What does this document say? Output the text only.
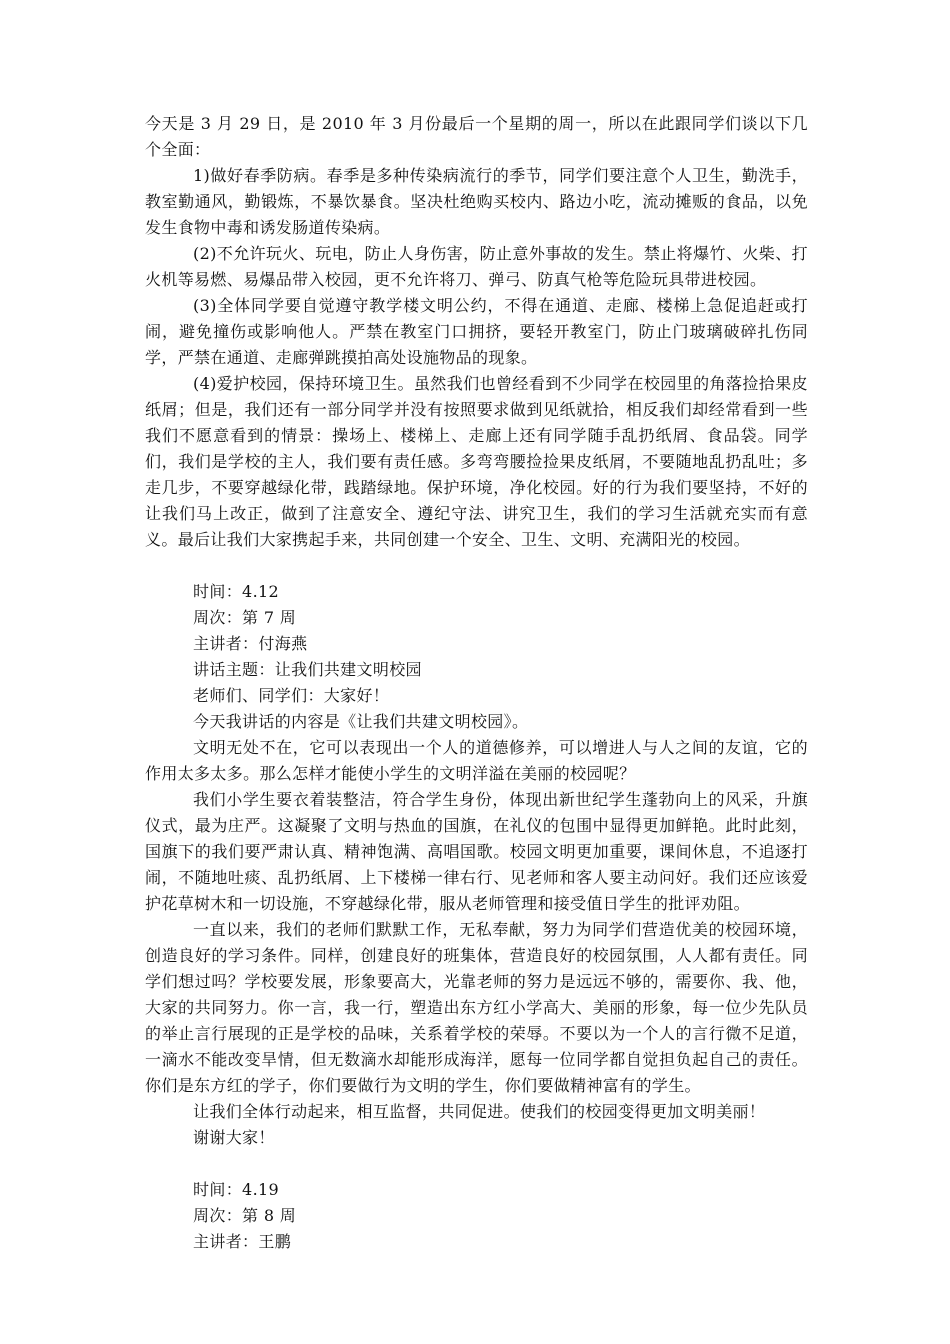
今天是 3 月 29 日，是 2010 年 3 月份最后一个星期的周一，所以在此跟同学们谈以下几个全面：

1)做好春季防病。春季是多种传染病流行的季节，同学们要注意个人卫生，勤洗手，教室勤通风，勤锻炼，不暴饮暴食。坚决杜绝购买校内、路边小吃，流动摊贩的食品，以免发生食物中毒和诱发肠道传染病。

(2)不允许玩火、玩电，防止人身伤害，防止意外事故的发生。禁止将爆竹、火柴、打火机等易燃、易爆品带入校园，更不允许将刀、弹弓、防真气枪等危险玩具带进校园。

(3)全体同学要自觉遵守教学楼文明公约，不得在通道、走廊、楼梯上急促追赶或打闹，避免撞伤或影响他人。严禁在教室门口拥挤，要轻开教室门，防止门玻璃破碎扎伤同学，严禁在通道、走廊弹跳摸拍高处设施物品的现象。

(4)爱护校园，保持环境卫生。虽然我们也曾经看到不少同学在校园里的角落捡拾果皮纸屑；但是，我们还有一部分同学并没有按照要求做到见纸就拾，相反我们却经常看到一些我们不愿意看到的情景：操场上、楼梯上、走廊上还有同学随手乱扔纸屑、食品袋。同学们，我们是学校的主人，我们要有责任感。多弯弯腰捡捡果皮纸屑，不要随地乱扔乱吐；多走几步，不要穿越绿化带，践踏绿地。保护环境，净化校园。好的行为我们要坚持，不好的让我们马上改正，做到了注意安全、遵纪守法、讲究卫生，我们的学习生活就充实而有意义。最后让我们大家携起手来，共同创建一个安全、卫生、文明、充满阳光的校园。

时间：4.12

周次：第 7 周

主讲者：付海燕

讲话主题：让我们共建文明校园

老师们、同学们：大家好！

今天我讲话的内容是《让我们共建文明校园》。

文明无处不在，它可以表现出一个人的道德修养，可以增进人与人之间的友谊，它的作用太多太多。那么怎样才能使小学生的文明洋溢在美丽的校园呢？

我们小学生要衣着装整洁，符合学生身份，体现出新世纪学生蓬勃向上的风采，升旗仪式，最为庄严。这凝聚了文明与热血的国旗，在礼仪的包围中显得更加鲜艳。此时此刻，国旗下的我们要严肃认真、精神饱满、高唱国歌。校园文明更加重要，课间休息，不追逐打闹，不随地吐痰、乱扔纸屑、上下楼梯一律右行、见老师和客人要主动问好。我们还应该爱护花草树木和一切设施，不穿越绿化带，服从老师管理和接受值日学生的批评劝阻。

一直以来，我们的老师们默默工作，无私奉献，努力为同学们营造优美的校园环境，创造良好的学习条件。同样，创建良好的班集体，营造良好的校园氛围，人人都有责任。同学们想过吗？学校要发展，形象要高大，光靠老师的努力是远远不够的，需要你、我、他，大家的共同努力。你一言，我一行，塑造出东方红小学高大、美丽的形象，每一位少先队员的举止言行展现的正是学校的品味，关系着学校的荣辱。不要以为一个人的言行微不足道，一滴水不能改变旱情，但无数滴水却能形成海洋，愿每一位同学都自觉担负起自己的责任。你们是东方红的学子，你们要做行为文明的学生，你们要做精神富有的学生。

让我们全体行动起来，相互监督，共同促进。使我们的校园变得更加文明美丽！

谢谢大家！

时间：4.19

周次：第 8 周

主讲者：王鹏
